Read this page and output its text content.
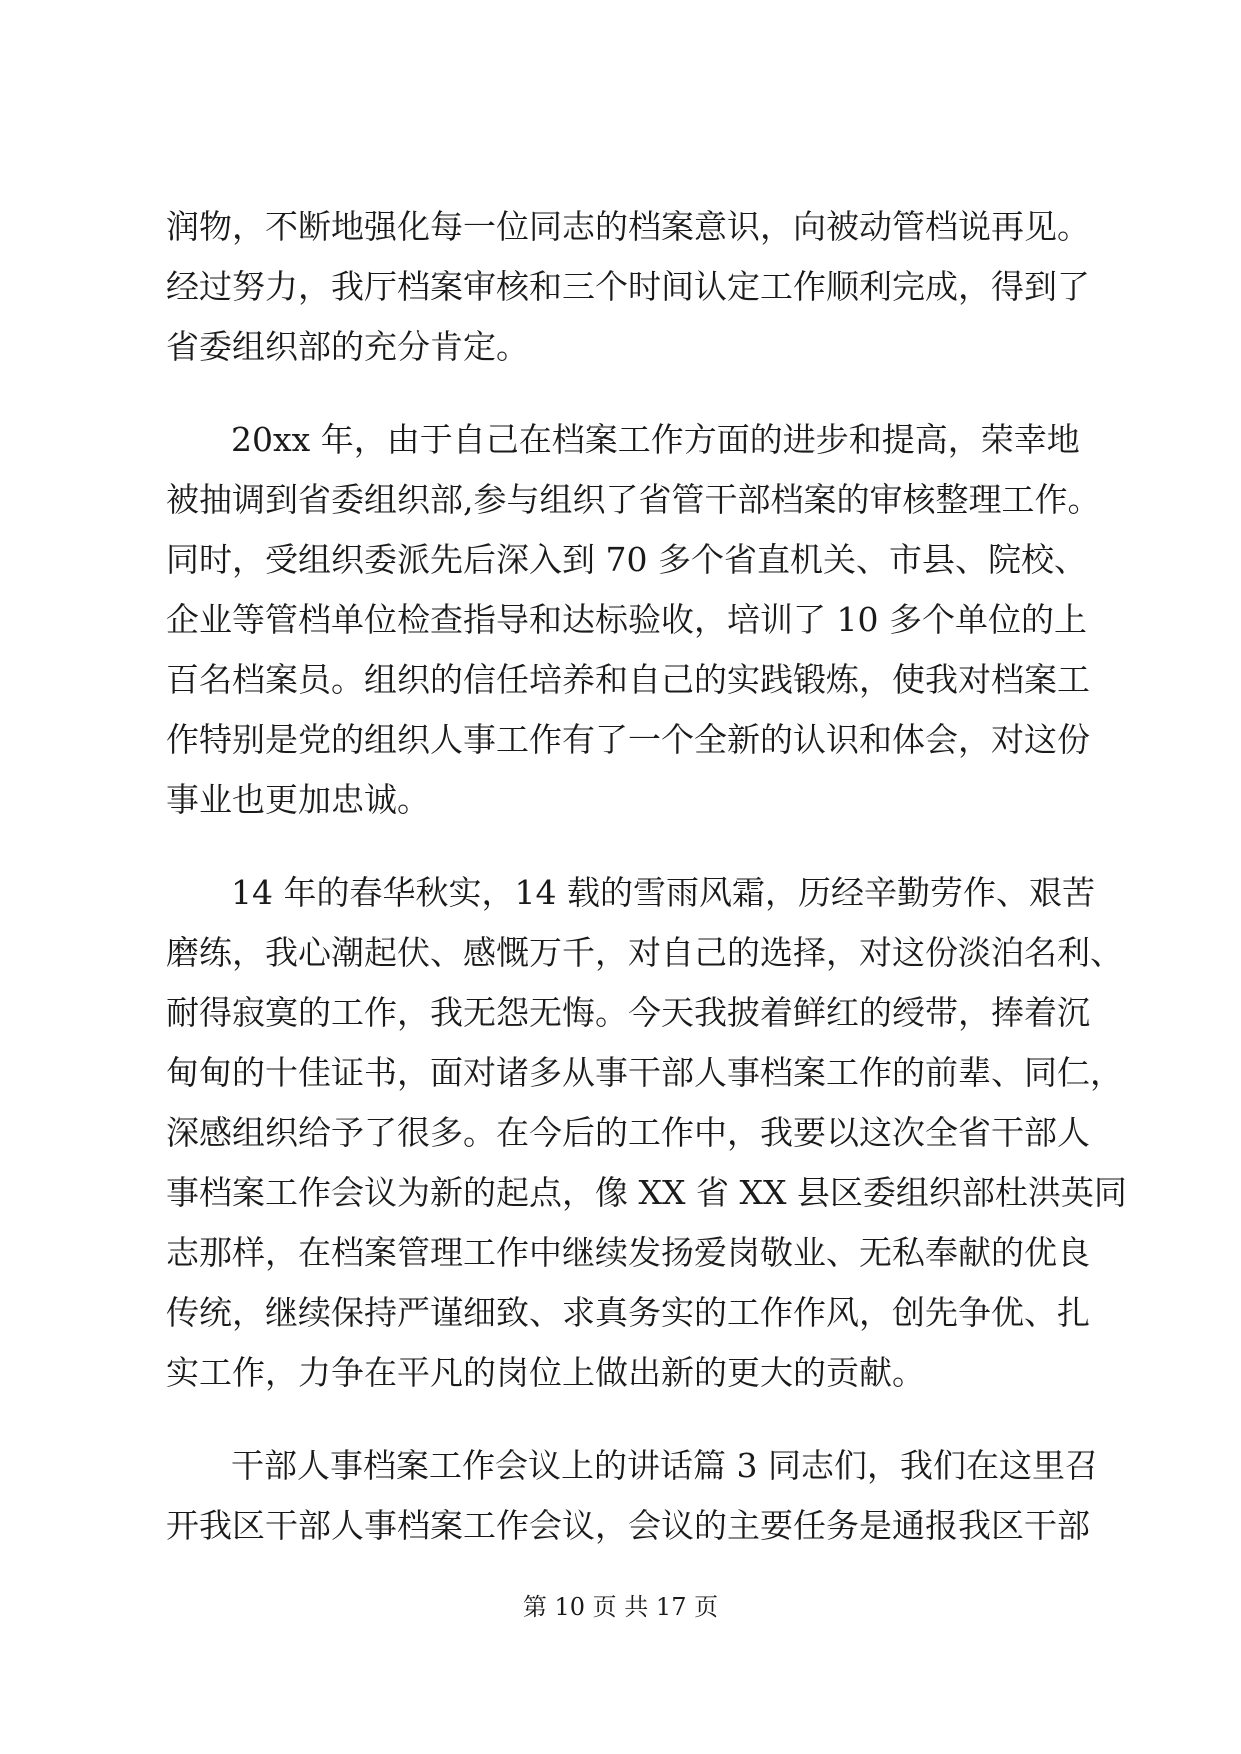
润物，不断地强化每一位同志的档案意识，向被动管档说再见。
经过努力，我厅档案审核和三个时间认定工作顺利完成，得到了
省委组织部的充分肯定。
20xx 年，由于自己在档案工作方面的进步和提高，荣幸地
被抽调到省委组织部,参与组织了省管干部档案的审核整理工作。
同时，受组织委派先后深入到 70 多个省直机关、市县、院校、
企业等管档单位检查指导和达标验收，培训了 10 多个单位的上
百名档案员。组织的信任培养和自己的实践锻炼，使我对档案工
作特别是党的组织人事工作有了一个全新的认识和体会，对这份
事业也更加忠诚。
14 年的春华秋实，14 载的雪雨风霜，历经辛勤劳作、艰苦
磨练，我心潮起伏、感慨万千，对自己的选择，对这份淡泊名利、
耐得寂寞的工作，我无怨无悔。今天我披着鲜红的绶带，捧着沉
甸甸的十佳证书，面对诸多从事干部人事档案工作的前辈、同仁，
深感组织给予了很多。在今后的工作中，我要以这次全省干部人
事档案工作会议为新的起点，像 XX 省 XX 县区委组织部杜洪英同
志那样，在档案管理工作中继续发扬爱岗敬业、无私奉献的优良
传统，继续保持严谨细致、求真务实的工作作风，创先争优、扎
实工作，力争在平凡的岗位上做出新的更大的贡献。
干部人事档案工作会议上的讲话篇 3 同志们，我们在这里召
开我区干部人事档案工作会议，会议的主要任务是通报我区干部
第 10 页 共 17 页
